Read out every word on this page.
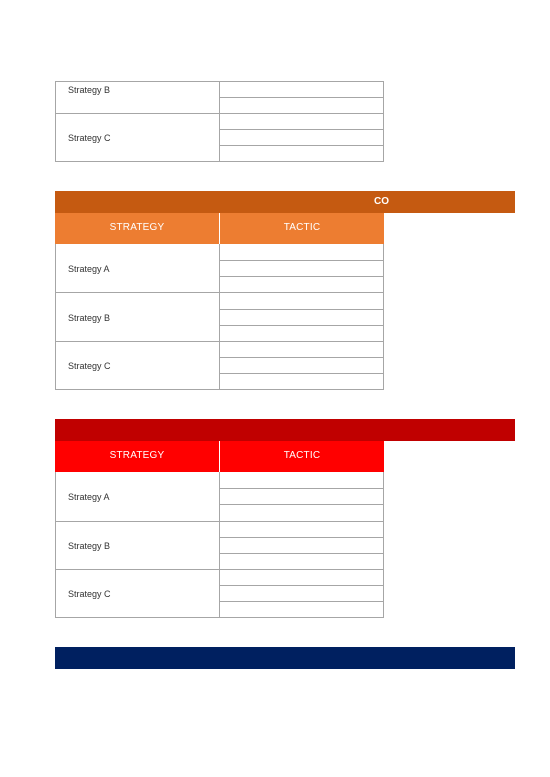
Strategy B
Strategy C
CO
STRATEGY	TACTIC
Strategy A
Strategy B
Strategy C
STRATEGY	TACTIC
Strategy A
Strategy B
Strategy C
